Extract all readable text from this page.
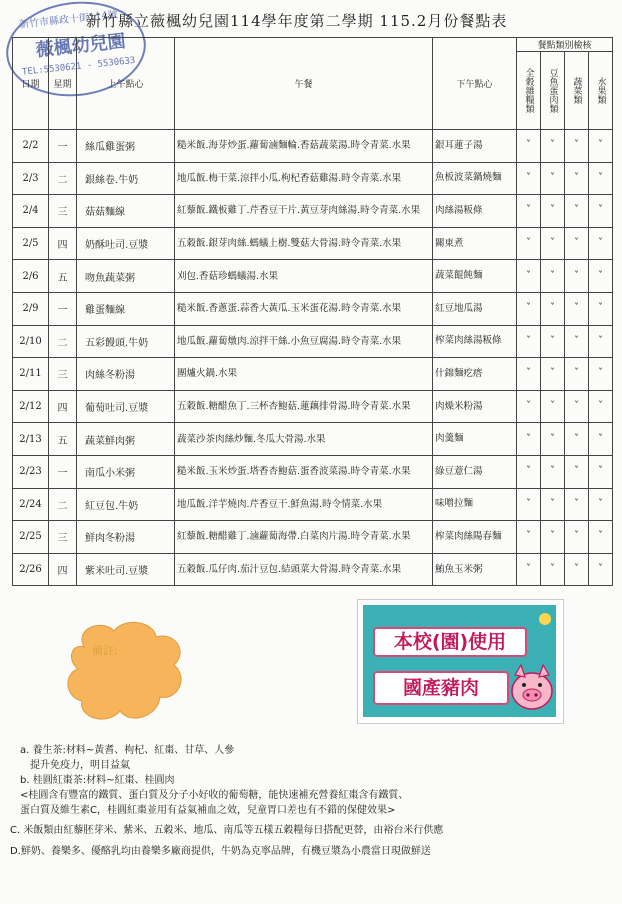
新竹市縣政十街114號
薇楓幼兒園
TEL:5530621 - 5530633
新竹縣立薇楓幼兒園114學年度第二學期 115.2月份餐點表
日期	星期	上午點心	午餐	下午點心	餐點類別檢核			

					全穀雜糧類	豆魚蛋肉類	蔬菜類	水果類

2/2	一	絲瓜雞蛋粥	糙米飯.海芽炒蛋.蘿蔔滷麵輪.香菇蔬菜湯.時令青菜.水果	銀耳蓮子湯	ˇ	ˇ	ˇ	ˇ
2/3	二	銀絲卷.牛奶	地瓜飯.梅干菜.涼拌小瓜.枸杞香菇雞湯.時令青菜.水果	魚板波菜鍋燒麵	ˇ	ˇ	ˇ	ˇ
2/4	三	菇菇麵線	紅藜飯.鐵板雞丁.芹香豆干片.黃豆芽肉絲湯.時令青菜.水果	肉絲湯粄條	ˇ	ˇ	ˇ	ˇ
2/5	四	奶酥吐司.豆漿	五穀飯.銀芽肉絲.螞蟻上樹.雙菇大骨湯.時令青菜.水果	關東煮	ˇ	ˇ	ˇ	ˇ
2/6	五	吻魚蔬菜粥	刈包.香菇珍螞蟻湯.水果	蔬菜餛飩麵	ˇ	ˇ	ˇ	ˇ
2/9	一	雞蛋麵線	糙米飯.香蔥蛋.蒜香大黃瓜.玉米蛋花湯.時令青菜.水果	紅豆地瓜湯	ˇ	ˇ	ˇ	ˇ
2/10	二	五彩饅頭.牛奶	地瓜飯.蘿蔔燉肉.涼拌干絲.小魚豆腐湯.時令青菜.水果	榨菜肉絲湯粄條	ˇ	ˇ	ˇ	ˇ
2/11	三	肉絲冬粉湯	團爐火鍋.水果	什錦麵疙瘩	ˇ	ˇ	ˇ	ˇ
2/12	四	葡萄吐司.豆漿	五穀飯.糖醋魚丁.三杯杏鮑菇.蓮藕排骨湯.時令青菜.水果	肉燥米粉湯	ˇ	ˇ	ˇ	ˇ
2/13	五	蔬菜鮮肉粥	蔬菜沙茶肉絲炒麵.冬瓜大骨湯.水果	肉羹麵	ˇ	ˇ	ˇ	ˇ
2/23	一	南瓜小米粥	糙米飯.玉米炒蛋.塔香杏鮑菇.蛋香波菜湯.時令青菜.水果	綠豆薏仁湯	ˇ	ˇ	ˇ	ˇ
2/24	二	紅豆包.牛奶	地瓜飯.洋芋燒肉.芹香豆干.鮮魚湯.時令情菜.水果	味噌拉麵	ˇ	ˇ	ˇ	ˇ
2/25	三	鮮肉冬粉湯	紅藜飯.糖醋雞丁.滷蘿蔔海帶.白菜肉片湯.時令青菜.水果	榨菜肉絲陽春麵	ˇ	ˇ	ˇ	ˇ
2/26	四	紫米吐司.豆漿	五穀飯.瓜仔肉.茄汁豆包.結頭菜大骨湯.時令青菜.水果	鮪魚玉米粥	ˇ	ˇ	ˇ	ˇ
備註:	本校(園)使用
國產豬肉
a. 養生茶:材料~黃耆、枸杞、紅棗、甘草、人參
提升免疫力，明目益氣
b. 桂圓紅棗茶:材料~紅棗、桂圓肉
<桂圓含有豐富的鐵質、蛋白質及分子小好收的葡萄糖，能快速補充營養紅棗含有鐵質、
蛋白質及維生素C，桂圓紅棗並用有益氣補血之效，兒童胃口差也有不錯的保健效果>
C. 米飯類由紅藜胚芽米、紫米、五穀米、地瓜、南瓜等五樣五穀糧每日搭配更替，由裕台米行供應
D.鮮奶、養樂多、優酪乳均由養樂多廠商提供，牛奶為克寧品牌，有機豆漿為小農當日現做鮮送
